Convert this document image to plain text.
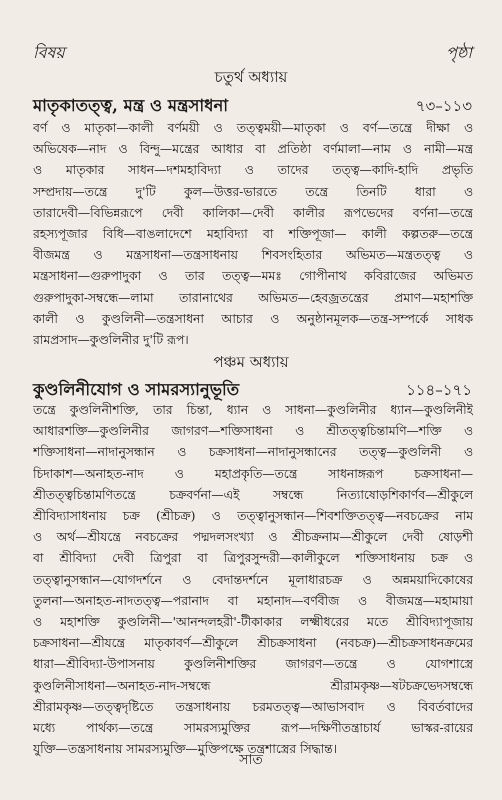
বিষয়	পৃষ্ঠা
চতুর্থ অধ্যায়
মাতৃকাতত্ত্ব, মন্ত্র ও মন্ত্রসাধনা	৭৩–১১৩
বর্ণ ও মাতৃকা—কালী বর্ণময়ী ও তত্ত্বময়ী—মাতৃকা ও বর্ণ—তন্ত্রে দীক্ষা ও
অভিষেক—নাদ ও বিন্দু—মন্ত্রের আধার বা প্রতিষ্ঠা বর্ণমালা—নাম ও নামী—মন্ত্র
ও মাতৃকার সাধন—দশমহাবিদ্যা ও তাদের তত্ত্ব—কাদি-হাদি প্রভৃতি
সম্প্রদায়—তন্ত্রে দু'টি কুল—উত্তর-ভারতে তন্ত্রে তিনটি ধারা ও
তারাদেবী—বিভিন্নরূপে দেবী কালিকা—দেবী কালীর রূপভেদের বর্ণনা—তন্ত্রে
রহস্যপূজার বিধি—বাঙলাদেশে মহাবিদ্যা বা শক্তিপূজা— কালী কল্পতরু—তন্ত্রে
বীজমন্ত্র ও মন্ত্রসাধনা—তন্ত্রসাধনায় শিবসংহিতার অভিমত—মন্ত্রতত্ত্ব ও
মন্ত্রসাধনা—গুরুপাদুকা ও তার তত্ত্ব—মমঃ গোপীনাথ কবিরাজের অভিমত
গুরুপাদুকা-সম্বন্ধে—লামা তারানাথের অভিমত—হেবজ্রতন্ত্রের প্রমাণ—মহাশক্তি
কালী ও কুণ্ডলিনী—তন্ত্রসাধনা আচার ও অনুষ্ঠানমূলক—তন্ত্র-সম্পর্কে সাধক
রামপ্রসাদ—কুণ্ডলিনীর দু'টি রূপ।
পঞ্চম অধ্যায়
কুণ্ডলিনীযোগ ও সামরস্যানুভূতি	১১৪–১৭১
তন্ত্রে কুণ্ডলিনীশক্তি, তার চিন্তা, ধ্যান ও সাধনা—কুণ্ডলিনীর ধ্যান—কুণ্ডলিনীই
আধারশক্তি—কুণ্ডলিনীর জাগরণ—শক্তিসাধনা ও শ্রীতত্ত্বচিন্তামণি—শক্তি ও
শক্তিসাধনা—নাদানুসন্ধান ও চক্রসাধনা—নাদানুসন্ধানের তত্ত্ব—কুণ্ডলিনী ও
চিদাকাশ—অনাহত-নাদ ও মহাপ্রকৃতি—তন্ত্রে সাধনাঙ্গরূপ চক্রসাধনা—
শ্রীতত্ত্বচিন্তামণিতন্ত্রে চক্রবর্ণনা—এই সম্বন্ধে নিত্যাষোড়শিকার্ণব—শ্রীকুলে
শ্রীবিদ্যাসাধনায় চক্র (শ্রীচক্র) ও তত্ত্বানুসন্ধান—শিবশক্তিতত্ত্ব—নবচক্রের নাম
ও অর্থ—শ্রীযন্ত্রে নবচক্রের পদ্মদলসংখ্যা ও শ্রীচক্রনাম—শ্রীকুলে দেবী ষোড়শী
বা শ্রীবিদ্যা দেবী ত্রিপুরা বা ত্রিপুরসুন্দরী—কালীকুলে শক্তিসাধনায় চক্র ও
তত্ত্বানুসন্ধান—যোগদর্শনে ও বেদান্তদর্শনে মূলাধারচক্র ও অন্নময়াদিকোষের
তুলনা—অনাহত-নাদতত্ত্ব—পরানাদ বা মহানাদ—বর্ণবীজ ও বীজমন্ত্র—মহামায়া
ও মহাশক্তি কুণ্ডলিনী—'আনন্দলহরী'-টীকাকার লক্ষ্মীধরের মতে শ্রীবিদ্যাপূজায়
চক্রসাধনা—শ্রীযন্ত্রে মাতৃকাবর্ণ—শ্রীকুলে শ্রীচক্রসাধনা (নবচক্র)—শ্রীচক্রসাধনক্রমের
ধারা—শ্রীবিদ্যা-উপাসনায় কুণ্ডলিনীশক্তির জাগরণ—তন্ত্রে ও যোগশাস্ত্রে
কুণ্ডলিনীসাধনা—অনাহত-নাদ-সম্বন্ধে শ্রীরামকৃষ্ণ—ষটচক্রভেদসম্বন্ধে
শ্রীরামকৃষ্ণ—তত্ত্বদৃষ্টিতে তন্ত্রসাধনায় চরমতত্ত্ব—আভাসবাদ ও বিবর্তবাদের
মধ্যে পার্থক্য—তন্ত্রে সামরস্যমুক্তির রূপ—দক্ষিণীতন্ত্রাচার্য ভাস্কর-রায়ের
যুক্তি—তন্ত্রসাধনায় সামরস্যমুক্তি—মুক্তিপক্ষে তন্ত্রশাস্ত্রের সিদ্ধান্ত।
সাত
